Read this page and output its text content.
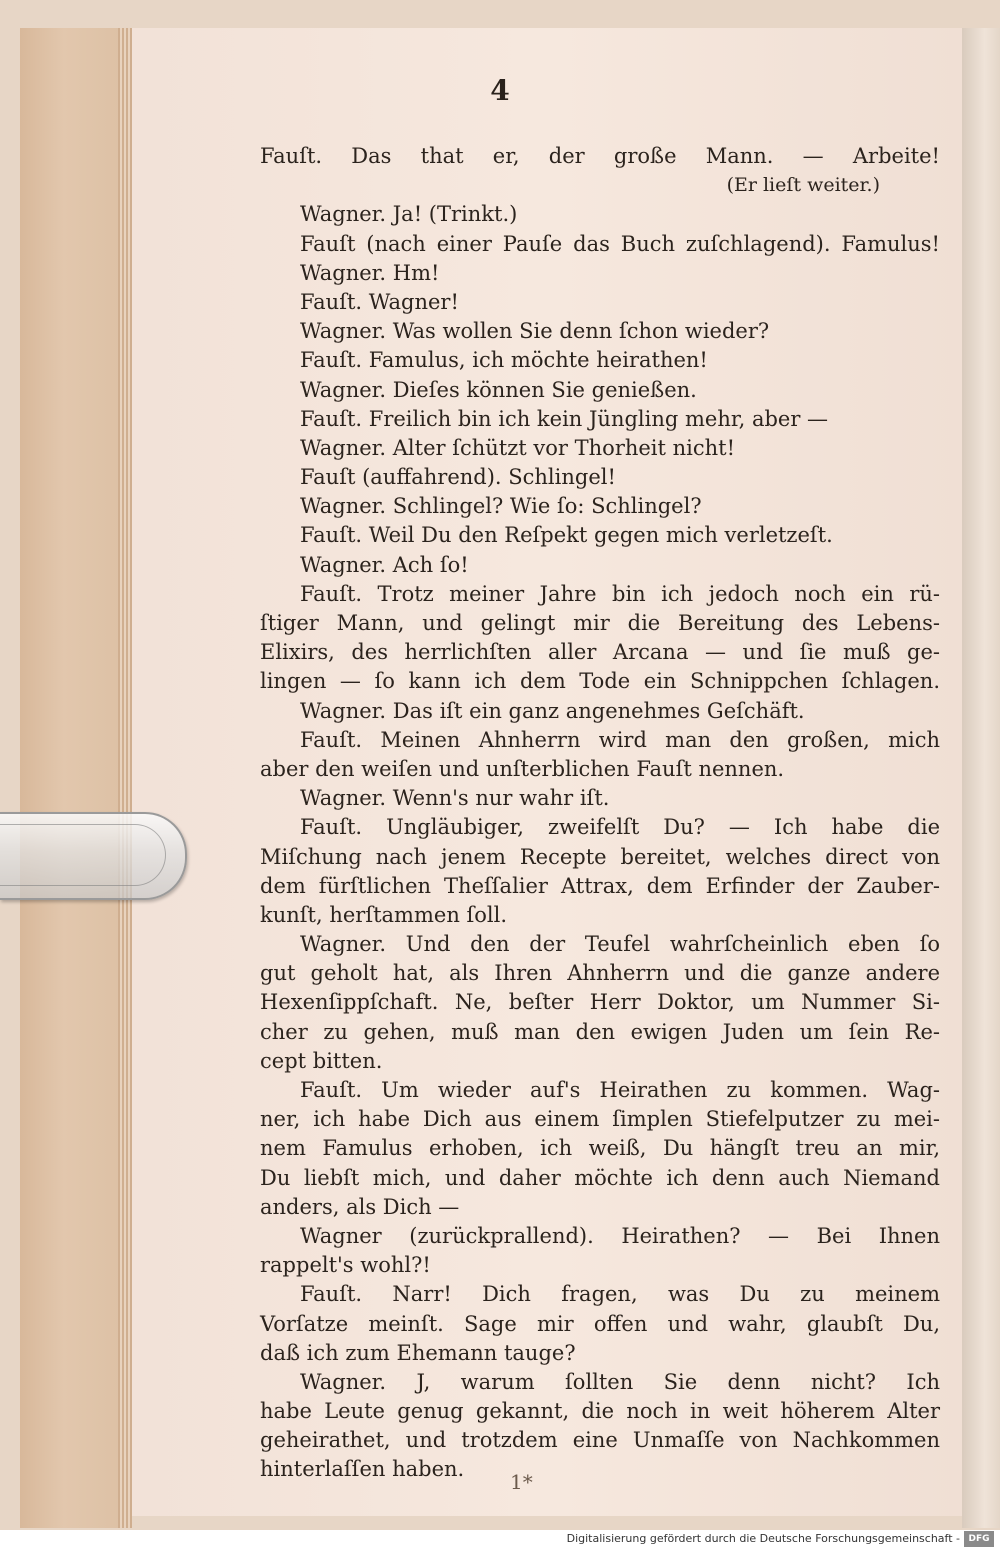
4
Fauſt. Das that er, der große Mann. — Arbeite!
(Er lieſt weiter.)
Wagner. Ja! (Trinkt.)
Fauſt (nach einer Pauſe das Buch zuſchlagend). Famulus!
Wagner. Hm!
Fauſt. Wagner!
Wagner. Was wollen Sie denn ſchon wieder?
Fauſt. Famulus, ich möchte heirathen!
Wagner. Dieſes können Sie genießen.
Fauſt. Freilich bin ich kein Jüngling mehr, aber —
Wagner. Alter ſchützt vor Thorheit nicht!
Fauſt (auffahrend). Schlingel!
Wagner. Schlingel? Wie ſo: Schlingel?
Fauſt. Weil Du den Reſpekt gegen mich verletzeſt.
Wagner. Ach ſo!
Fauſt. Trotz meiner Jahre bin ich jedoch noch ein rü-
ſtiger Mann, und gelingt mir die Bereitung des Lebens-
Elixirs, des herrlichſten aller Arcana — und ſie muß ge-
lingen — ſo kann ich dem Tode ein Schnippchen ſchlagen.
Wagner. Das iſt ein ganz angenehmes Geſchäft.
Fauſt. Meinen Ahnherrn wird man den großen, mich
aber den weiſen und unſterblichen Fauſt nennen.
Wagner. Wenn's nur wahr iſt.
Fauſt. Ungläubiger, zweifelſt Du? — Ich habe die
Miſchung nach jenem Recepte bereitet, welches direct von
dem fürſtlichen Theſſalier Attrax, dem Erfinder der Zauber-
kunſt, herſtammen ſoll.
Wagner. Und den der Teufel wahrſcheinlich eben ſo
gut geholt hat, als Ihren Ahnherrn und die ganze andere
Hexenſippſchaft. Ne, beſter Herr Doktor, um Nummer Si-
cher zu gehen, muß man den ewigen Juden um ſein Re-
cept bitten.
Fauſt. Um wieder auf's Heirathen zu kommen. Wag-
ner, ich habe Dich aus einem ſimplen Stiefelputzer zu mei-
nem Famulus erhoben, ich weiß, Du hängſt treu an mir,
Du liebſt mich, und daher möchte ich denn auch Niemand
anders, als Dich —
Wagner (zurückprallend). Heirathen? — Bei Ihnen
rappelt's wohl?!
Fauſt. Narr! Dich fragen, was Du zu meinem
Vorſatze meinſt. Sage mir offen und wahr, glaubſt Du,
daß ich zum Ehemann tauge?
Wagner. J, warum ſollten Sie denn nicht? Ich
habe Leute genug gekannt, die noch in weit höherem Alter
geheirathet, und trotzdem eine Unmaſſe von Nachkommen
hinterlaſſen haben.
1*
Digitalisierung gefördert durch die Deutsche Forschungsgemeinschaft - DFG
